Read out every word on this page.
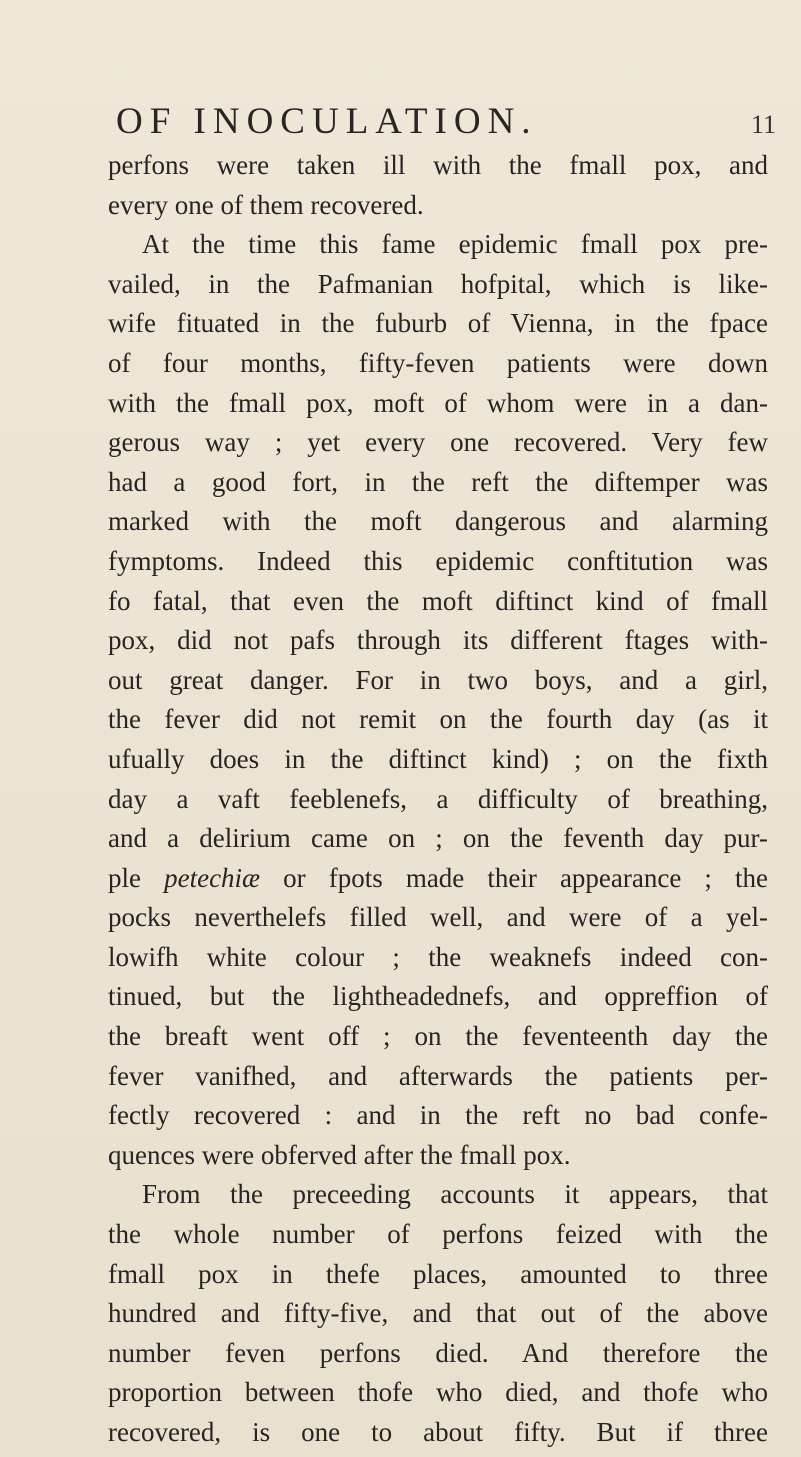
OF INOCULATION.	11
perfons were taken ill with the fmall pox, and
every one of them recovered.
At the time this fame epidemic fmall pox pre-
vailed, in the Pafmanian hofpital, which is like-
wife fituated in the fuburb of Vienna, in the fpace
of four months, fifty-feven patients were down
with the fmall pox, moft of whom were in a dan-
gerous way ; yet every one recovered. Very few
had a good fort, in the reft the diftemper was
marked with the moft dangerous and alarming
fymptoms. Indeed this epidemic conftitution was
fo fatal, that even the moft diftinct kind of fmall
pox, did not pafs through its different ftages with-
out great danger. For in two boys, and a girl,
the fever did not remit on the fourth day (as it
ufually does in the diftinct kind) ; on the fixth
day a vaft feeblenefs, a difficulty of breathing,
and a delirium came on ; on the feventh day pur-
ple petechiæ or fpots made their appearance ; the
pocks neverthelefs filled well, and were of a yel-
lowifh white colour ; the weaknefs indeed con-
tinued, but the lightheadednefs, and oppreffion of
the breaft went off ; on the feventeenth day the
fever vanifhed, and afterwards the patients per-
fectly recovered : and in the reft no bad confe-
quences were obferved after the fmall pox.
From the preceeding accounts it appears, that
the whole number of perfons feized with the
fmall pox in thefe places, amounted to three
hundred and fifty-five, and that out of the above
number feven perfons died. And therefore the
proportion between thofe who died, and thofe who
recovered, is one to about fifty. But if three
